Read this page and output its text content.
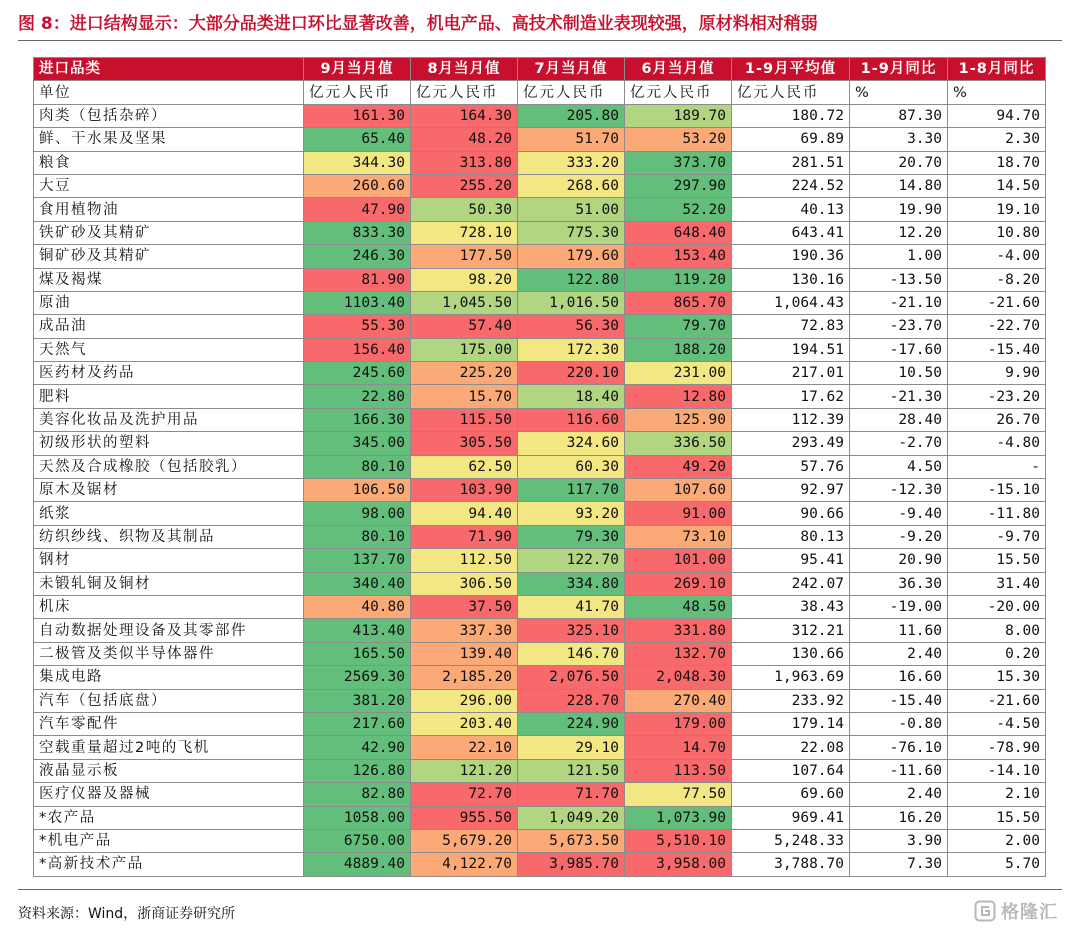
图 8：进口结构显示：大部分品类进口环比显著改善，机电产品、高技术制造业表现较强，原材料相对稍弱
进口品类	9月当月值	8月当月值	7月当月值	6月当月值	1-9月平均值	1-9月同比	1-8月同比
单位	亿元人民币	亿元人民币	亿元人民币	亿元人民币	亿元人民币	%	%
肉类（包括杂碎）	161.30	164.30	205.80	189.70	180.72	87.30	94.70
鲜、干水果及坚果	65.40	48.20	51.70	53.20	69.89	3.30	2.30
粮食	344.30	313.80	333.20	373.70	281.51	20.70	18.70
大豆	260.60	255.20	268.60	297.90	224.52	14.80	14.50
食用植物油	47.90	50.30	51.00	52.20	40.13	19.90	19.10
铁矿砂及其精矿	833.30	728.10	775.30	648.40	643.41	12.20	10.80
铜矿砂及其精矿	246.30	177.50	179.60	153.40	190.36	1.00	-4.00
煤及褐煤	81.90	98.20	122.80	119.20	130.16	-13.50	-8.20
原油	1103.40	1,045.50	1,016.50	865.70	1,064.43	-21.10	-21.60
成品油	55.30	57.40	56.30	79.70	72.83	-23.70	-22.70
天然气	156.40	175.00	172.30	188.20	194.51	-17.60	-15.40
医药材及药品	245.60	225.20	220.10	231.00	217.01	10.50	9.90
肥料	22.80	15.70	18.40	12.80	17.62	-21.30	-23.20
美容化妆品及洗护用品	166.30	115.50	116.60	125.90	112.39	28.40	26.70
初级形状的塑料	345.00	305.50	324.60	336.50	293.49	-2.70	-4.80
天然及合成橡胶（包括胶乳）	80.10	62.50	60.30	49.20	57.76	4.50	-
原木及锯材	106.50	103.90	117.70	107.60	92.97	-12.30	-15.10
纸浆	98.00	94.40	93.20	91.00	90.66	-9.40	-11.80
纺织纱线、织物及其制品	80.10	71.90	79.30	73.10	80.13	-9.20	-9.70
钢材	137.70	112.50	122.70	101.00	95.41	20.90	15.50
未锻轧铜及铜材	340.40	306.50	334.80	269.10	242.07	36.30	31.40
机床	40.80	37.50	41.70	48.50	38.43	-19.00	-20.00
自动数据处理设备及其零部件	413.40	337.30	325.10	331.80	312.21	11.60	8.00
二极管及类似半导体器件	165.50	139.40	146.70	132.70	130.66	2.40	0.20
集成电路	2569.30	2,185.20	2,076.50	2,048.30	1,963.69	16.60	15.30
汽车（包括底盘）	381.20	296.00	228.70	270.40	233.92	-15.40	-21.60
汽车零配件	217.60	203.40	224.90	179.00	179.14	-0.80	-4.50
空载重量超过2吨的飞机	42.90	22.10	29.10	14.70	22.08	-76.10	-78.90
液晶显示板	126.80	121.20	121.50	113.50	107.64	-11.60	-14.10
医疗仪器及器械	82.80	72.70	71.70	77.50	69.60	2.40	2.10
*农产品	1058.00	955.50	1,049.20	1,073.90	969.41	16.20	15.50
*机电产品	6750.00	5,679.20	5,673.50	5,510.10	5,248.33	3.90	2.00
*高新技术产品	4889.40	4,122.70	3,985.70	3,958.00	3,788.70	7.30	5.70
资料来源：Wind，浙商证券研究所	格隆汇
